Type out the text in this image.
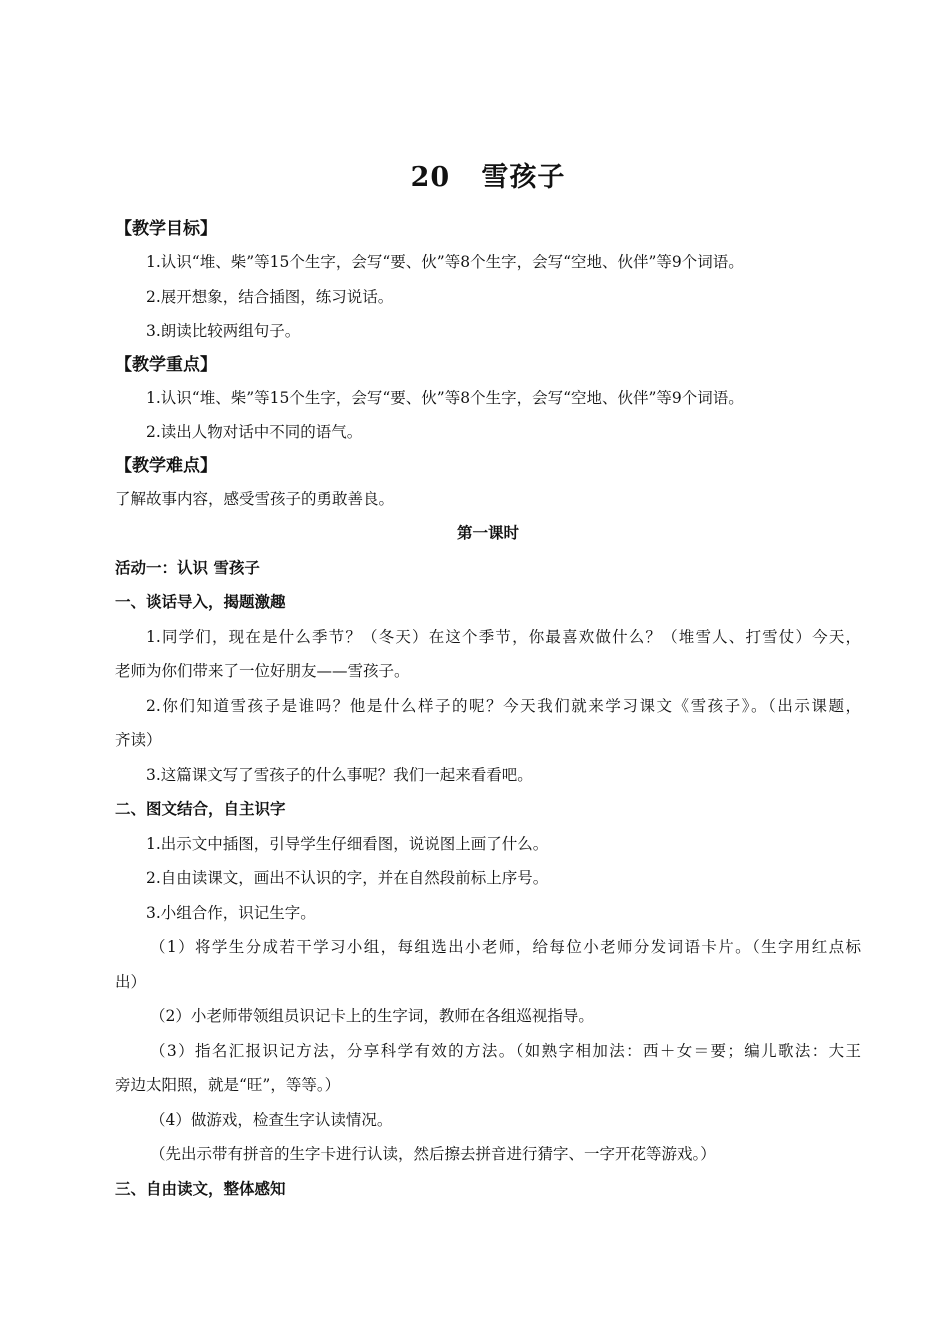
20   雪孩子
【教学目标】
1.认识“堆、柴”等15个生字，会写“要、伙”等8个生字，会写“空地、伙伴”等9个词语。
2.展开想象，结合插图，练习说话。
3.朗读比较两组句子。
【教学重点】
1.认识“堆、柴”等15个生字，会写“要、伙”等8个生字，会写“空地、伙伴”等9个词语。
2.读出人物对话中不同的语气。
【教学难点】
了解故事内容，感受雪孩子的勇敢善良。
第一课时
活动一：认识 雪孩子
一、谈话导入，揭题激趣
1.同学们，现在是什么季节？（冬天）在这个季节，你最喜欢做什么？（堆雪人、打雪仗）今天，
老师为你们带来了一位好朋友——雪孩子。
2.你们知道雪孩子是谁吗？他是什么样子的呢？今天我们就来学习课文《雪孩子》。（出示课题，
齐读）
3.这篇课文写了雪孩子的什么事呢？我们一起来看看吧。
二、图文结合，自主识字
1.出示文中插图，引导学生仔细看图，说说图上画了什么。
2.自由读课文，画出不认识的字，并在自然段前标上序号。
3.小组合作，识记生字。
（1）将学生分成若干学习小组，每组选出小老师，给每位小老师分发词语卡片。（生字用红点标
出）
（2）小老师带领组员识记卡上的生字词，教师在各组巡视指导。
（3）指名汇报识记方法，分享科学有效的方法。（如熟字相加法：西＋女＝要；编儿歌法：大王
旁边太阳照，就是“旺”，等等。）
（4）做游戏，检查生字认读情况。
（先出示带有拼音的生字卡进行认读，然后擦去拼音进行猜字、一字开花等游戏。）
三、自由读文，整体感知
